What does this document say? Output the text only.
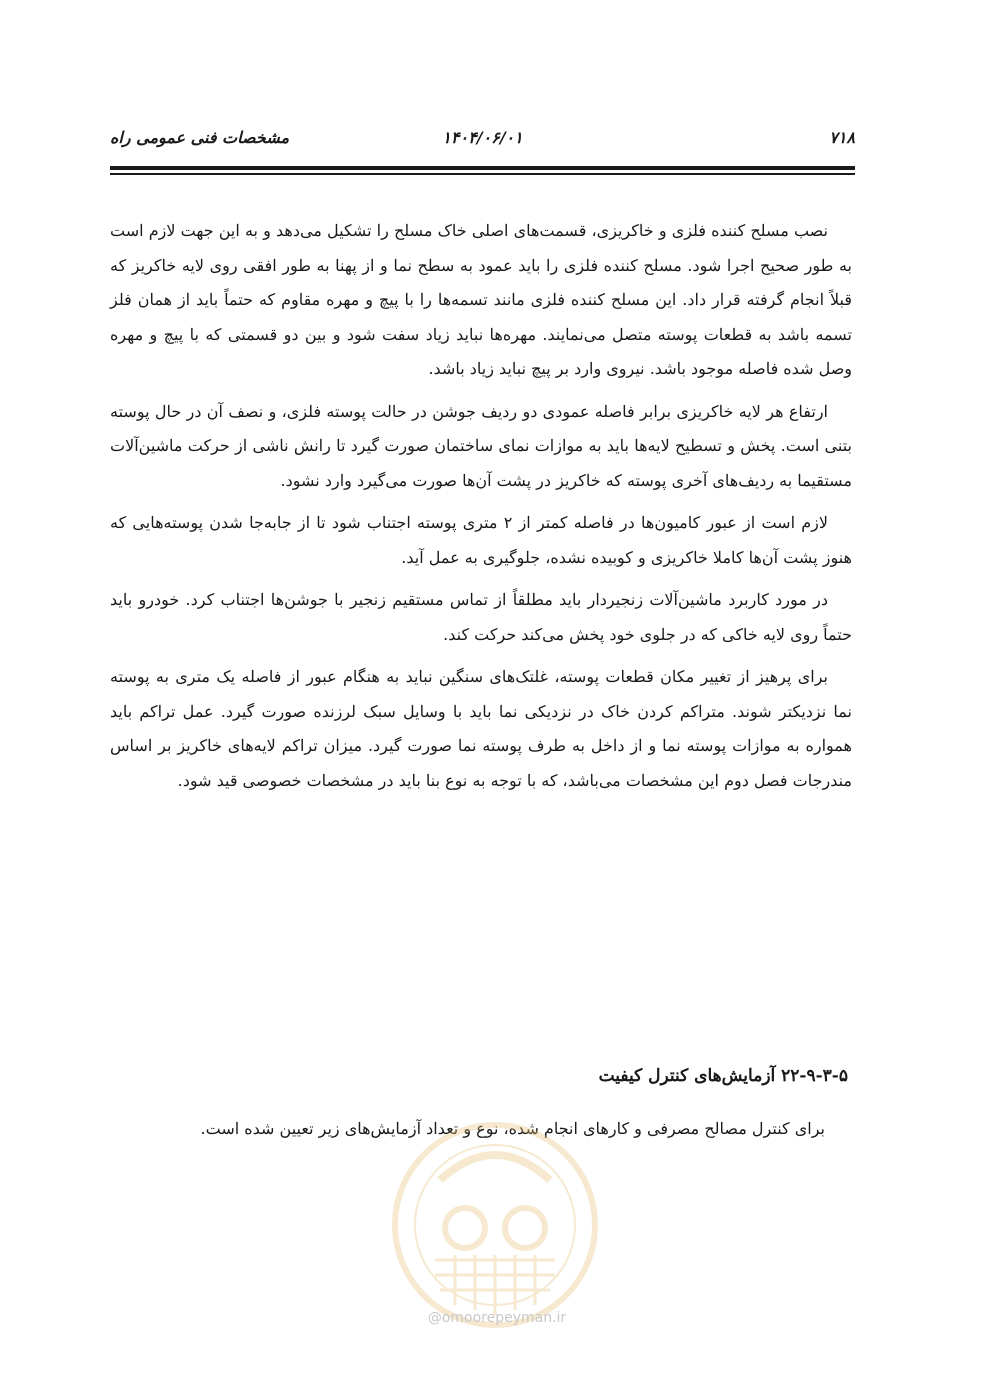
۷۱۸
۱۴۰۴/۰۶/۰۱
مشخصات فنی عمومی راه

نصب مسلح کننده فلزی و خاکریزی، قسمت‌های اصلی خاک مسلح را تشکیل می‌دهد و به این جهت لازم است به طور صحیح اجرا شود. مسلح کننده فلزی را باید عمود به سطح نما و از پهنا به طور افقی روی لایه خاکریز که قبلاً انجام گرفته قرار داد. این مسلح کننده فلزی مانند تسمه‌ها را با پیچ و مهره مقاوم که حتماً باید از همان فلز تسمه باشد به قطعات پوسته متصل می‌نمایند. مهره‌ها نباید زیاد سفت شود و بین دو قسمتی که با پیچ و مهره وصل شده فاصله موجود باشد. نیروی وارد بر پیچ نباید زیاد باشد.

ارتفاع هر لایه خاکریزی برابر فاصله عمودی دو ردیف جوشن در حالت پوسته فلزی، و نصف آن در حال پوسته بتنی است. پخش و تسطیح لایه‌ها باید به موازات نمای ساختمان صورت گیرد تا رانش ناشی از حرکت ماشین‌آلات مستقیما به ردیف‌های آخری پوسته که خاکریز در پشت آن‌ها صورت می‌گیرد وارد نشود.

لازم است از عبور کامیون‌ها در فاصله کمتر از ۲ متری پوسته اجتناب شود تا از جابه‌جا شدن پوسته‌هایی که هنوز پشت آن‌ها کاملا خاکریزی و کوبیده نشده، جلوگیری به عمل آید.

در مورد کاربرد ماشین‌آلات زنجیردار باید مطلقاً از تماس مستقیم زنجیر با جوشن‌ها اجتناب کرد. خودرو باید حتماً روی لایه خاکی که در جلوی خود پخش می‌کند حرکت کند.

برای پرهیز از تغییر مکان قطعات پوسته، غلتک‌های سنگین نباید به هنگام عبور از فاصله یک متری به پوسته نما نزدیکتر شوند. متراکم کردن خاک در نزدیکی نما باید با وسایل سبک لرزنده صورت گیرد. عمل تراکم باید همواره به موازات پوسته نما و از داخل به طرف پوسته نما صورت گیرد. میزان تراکم لایه‌های خاکریز بر اساس مندرجات فصل دوم این مشخصات می‌باشد، که با توجه به نوع بنا باید در مشخصات خصوصی قید شود.

۲۲-۹-۳-۵ آزمایش‌های کنترل کیفیت
برای کنترل مصالح مصرفی و کارهای انجام شده، نوع و تعداد آزمایش‌های زیر تعیین شده است.
@omoorepeyman.ir
